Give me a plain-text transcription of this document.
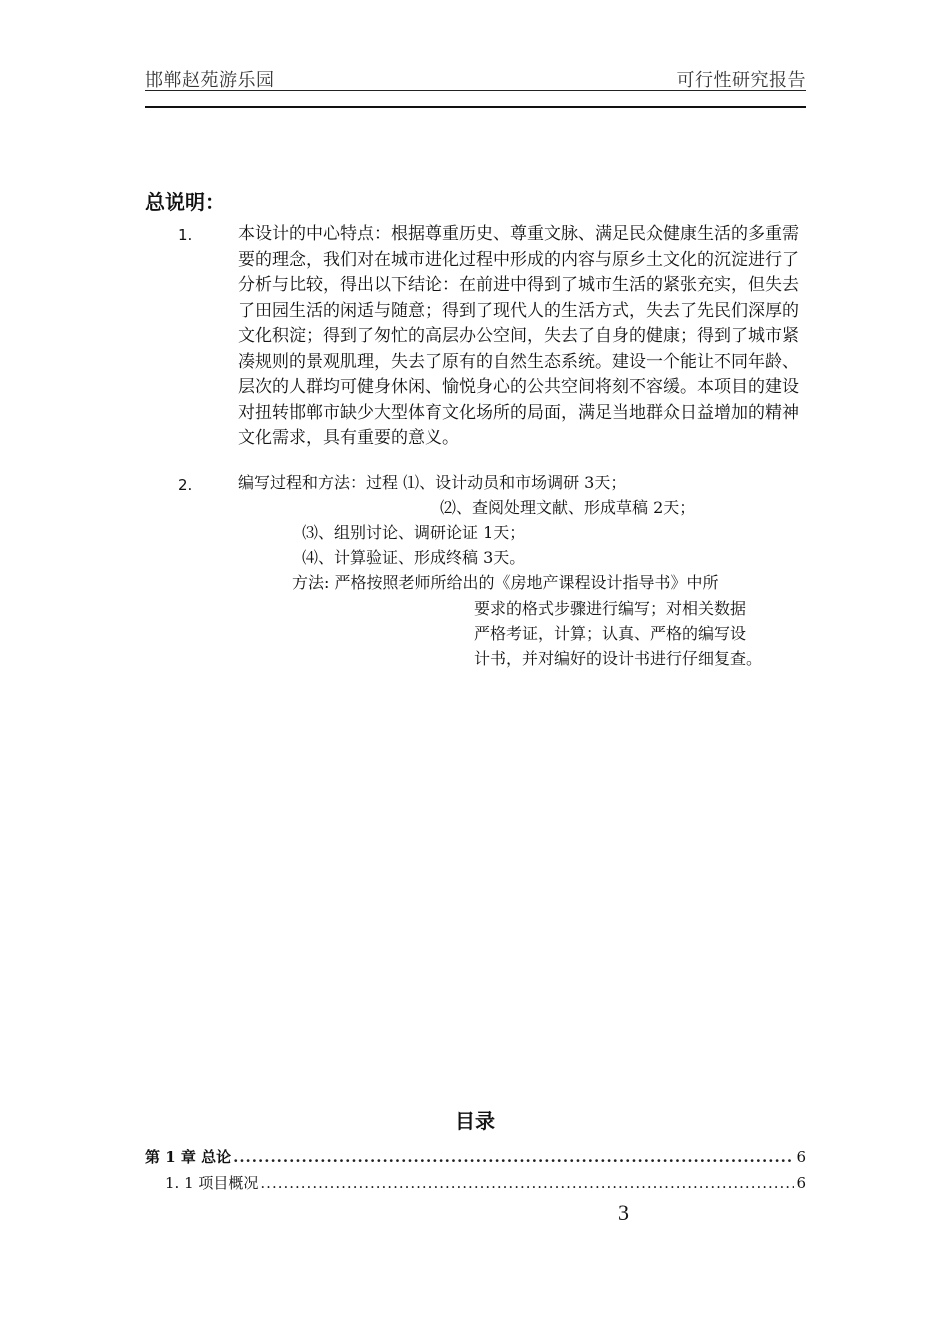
邯郸赵苑游乐园	可行性研究报告
总说明：
1.	本设计的中心特点：根据尊重历史、尊重文脉、满足民众健康生活的多重需要的理念，我们对在城市进化过程中形成的内容与原乡土文化的沉淀进行了分析与比较，得出以下结论：在前进中得到了城市生活的紧张充实，但失去了田园生活的闲适与随意；得到了现代人的生活方式，失去了先民们深厚的文化积淀；得到了匆忙的高层办公空间，失去了自身的健康；得到了城市紧凑规则的景观肌理，失去了原有的自然生态系统。建设一个能让不同年龄、层次的人群均可健身休闲、愉悦身心的公共空间将刻不容缓。本项目的建设对扭转邯郸市缺少大型体育文化场所的局面，满足当地群众日益增加的精神文化需求，具有重要的意义。

2.	编写过程和方法：过程 ⑴、设计动员和市场调研 3天；
⑵、查阅处理文献、形成草稿 2天；
⑶、组别讨论、调研论证 1天；
⑷、计算验证、形成终稿 3天。
方法: 严格按照老师所给出的《房地产课程设计指导书》中所
要求的格式步骤进行编写；对相关数据
严格考证，计算；认真、严格的编写设
计书，并对编好的设计书进行仔细复查。
目录
第 1 章 总论 .....	6
1. 1 项目概况 .....	6
3
